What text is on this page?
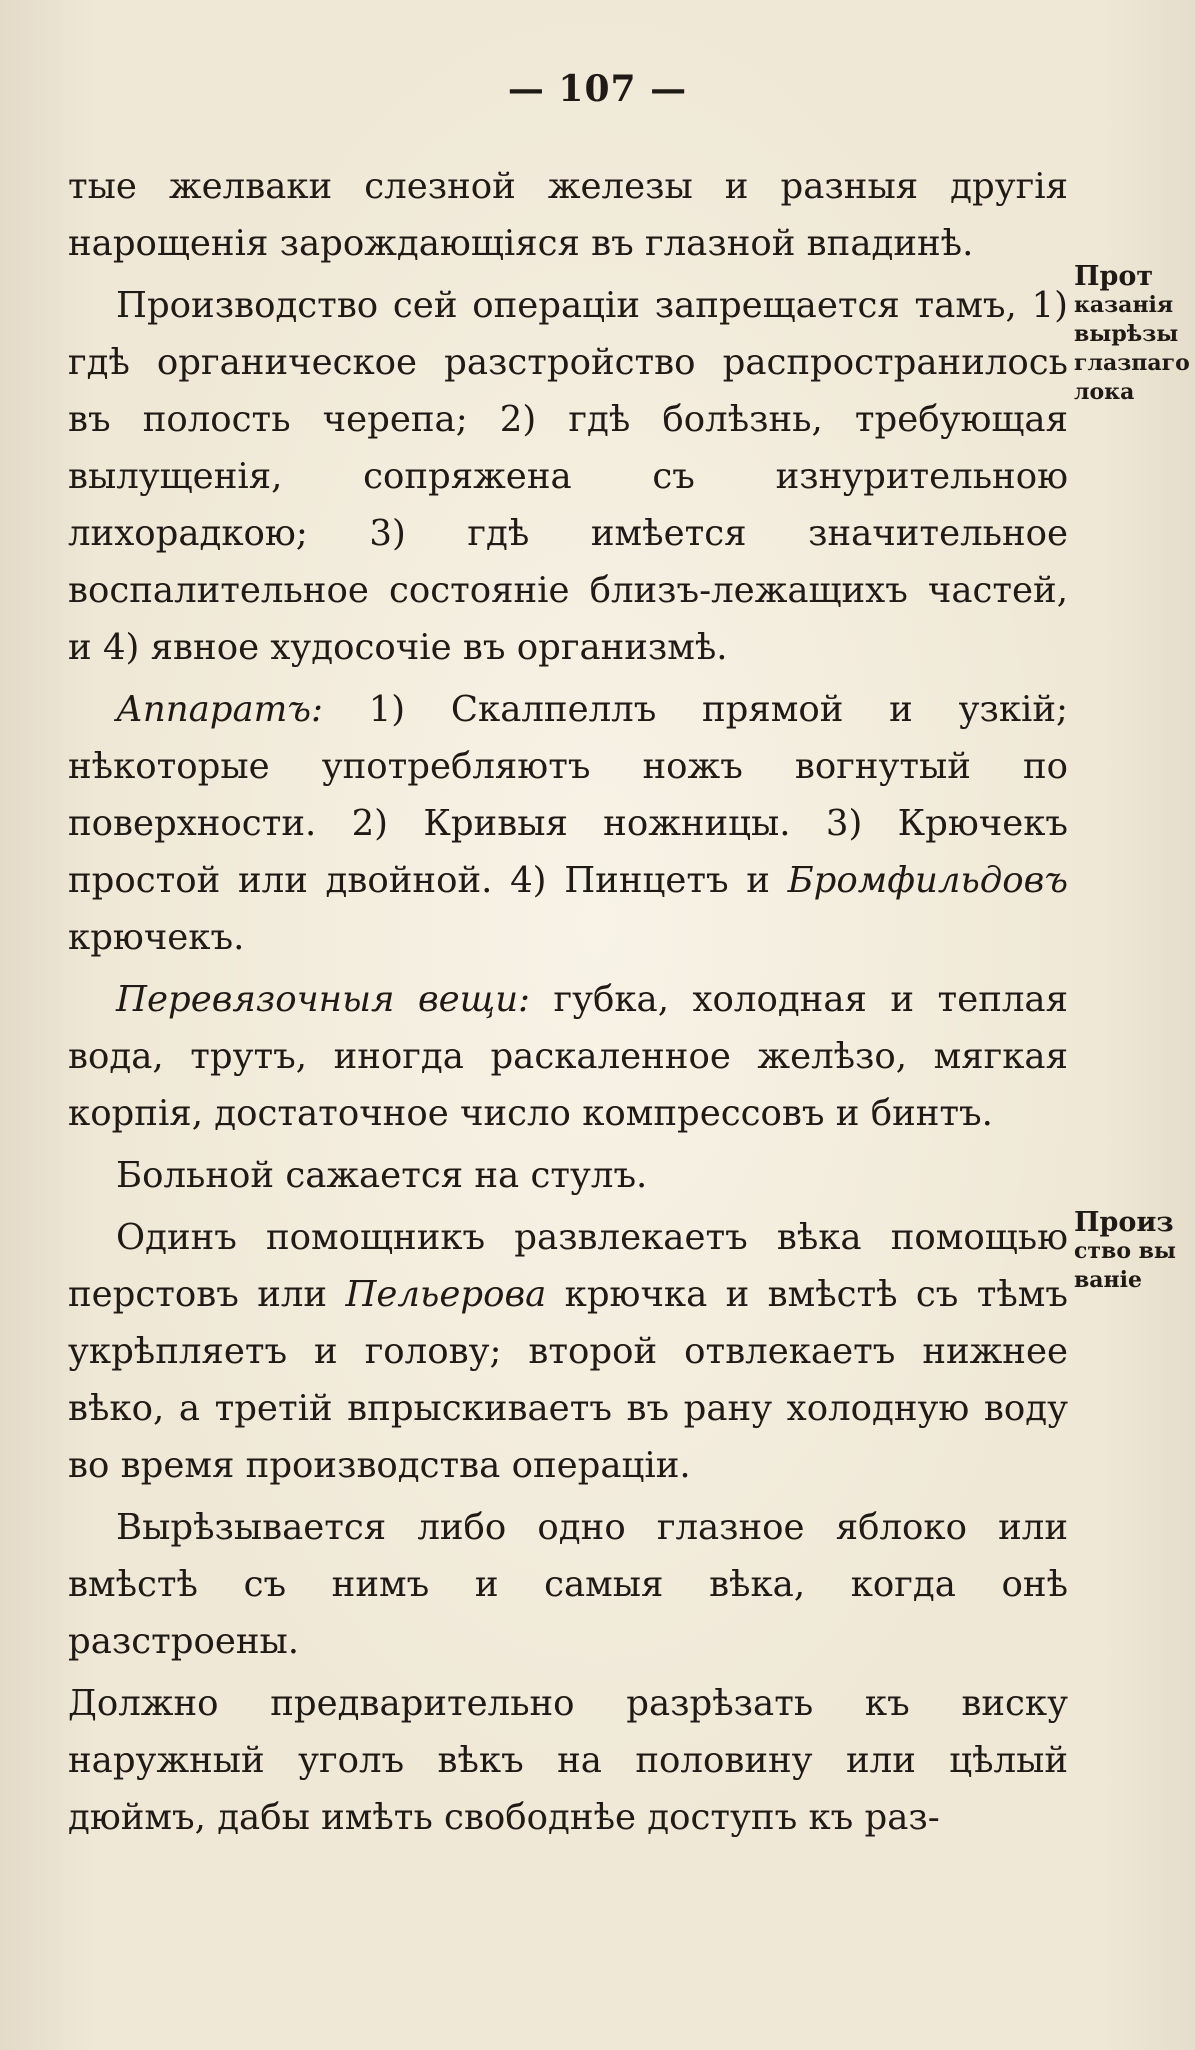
— 107 —

тые желваки слезной железы и разныя другія нарощенія зарождающіяся въ глазной впадинѣ.

Производство сей операціи запрещается тамъ, 1) гдѣ органическое разстройство распространилось въ полость черепа; 2) гдѣ болѣзнь, требующая вылущенія, сопряжена съ изнурительною лихорадкою; 3) гдѣ имѣется значительное воспалительное состояніе близъ-лежащихъ частей, и 4) явное худосочіе въ организмѣ.

Аппаратъ: 1) Скалпеллъ прямой и узкій; нѣкоторые употребляютъ ножъ вогнутый по поверхности. 2) Кривыя ножницы. 3) Крючекъ простой или двойной. 4) Пинцетъ и Бромфильдовъ крючекъ.

Перевязочныя вещи: губка, холодная и теплая вода, трутъ, иногда раскаленное желѣзо, мягкая корпія, достаточное число компрессовъ и бинтъ.

Больной сажается на стулъ.

Одинъ помощникъ развлекаетъ вѣка помощью перстовъ или Пельерова крючка и вмѣстѣ съ тѣмъ укрѣпляетъ и голову; второй отвлекаетъ нижнее вѣко, а третій впрыскиваетъ въ рану холодную воду во время производства операціи.

Вырѣзывается либо одно глазное яблоко или вмѣстѣ съ нимъ и самыя вѣка, когда онѣ разстроены.

Должно предварительно разрѣзать къ виску наружный уголъ вѣкъ на половину или цѣлый дюймъ, дабы имѣть свободнѣе доступъ къ раз-

Прот
казанія
вырѣзы
глазпаго
лока
Произ
ство вы
ваніе
